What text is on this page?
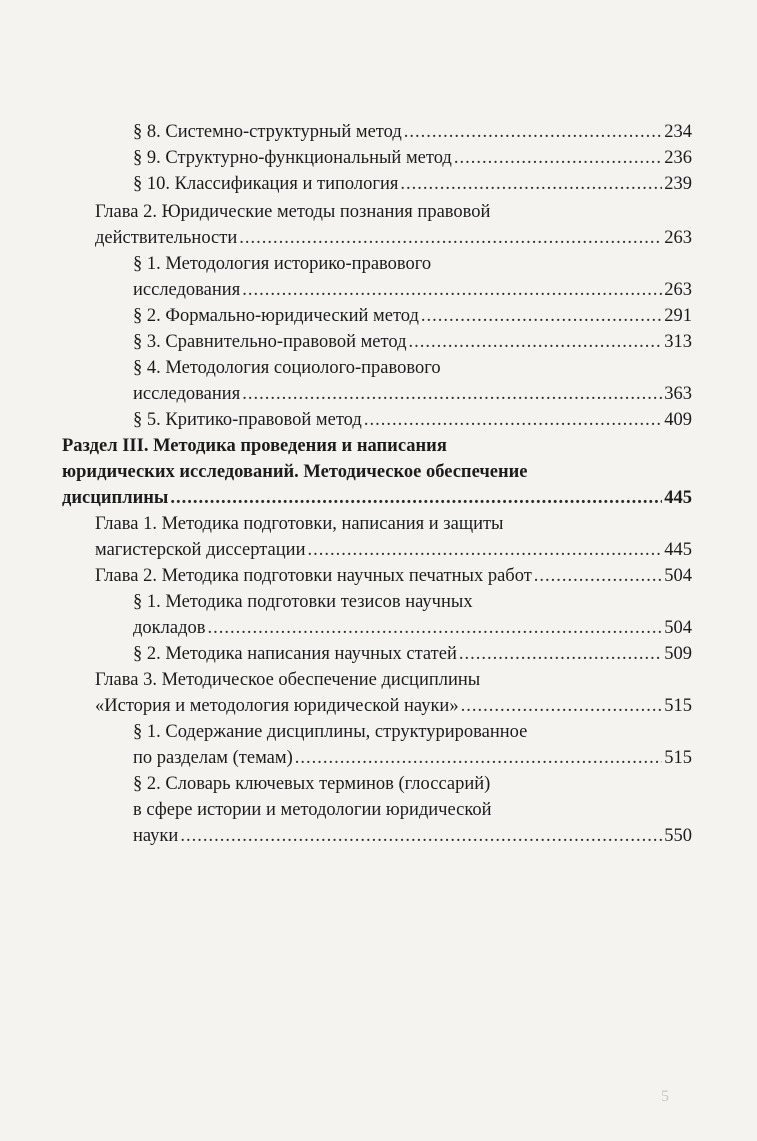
§ 8. Системно-структурный метод .....	234
§ 9. Структурно-функциональный метод .....	236
§ 10. Классификация и типология .....	239
Глава 2. Юридические методы познания правовой
действительности .....	263
§ 1. Методология историко-правового
исследования .....	263
§ 2. Формально-юридический метод .....	291
§ 3. Сравнительно-правовой метод .....	313
§ 4. Методология социолого-правового
исследования .....	363
§ 5. Критико-правовой метод .....	409
Раздел III. Методика проведения и написания
юридических исследований. Методическое обеспечение
дисциплины .....	445
Глава 1. Методика подготовки, написания и защиты
магистерской диссертации .....	445
Глава 2. Методика подготовки научных печатных работ .....	504
§ 1. Методика подготовки тезисов научных
докладов .....	504
§ 2. Методика написания научных статей .....	509
Глава 3. Методическое обеспечение дисциплины
«История и методология юридической науки» .....	515
§ 1. Содержание дисциплины, структурированное
по разделам (темам) .....	515
§ 2. Словарь ключевых терминов (глоссарий)
в сфере истории и методологии юридической
науки .....	550
5
